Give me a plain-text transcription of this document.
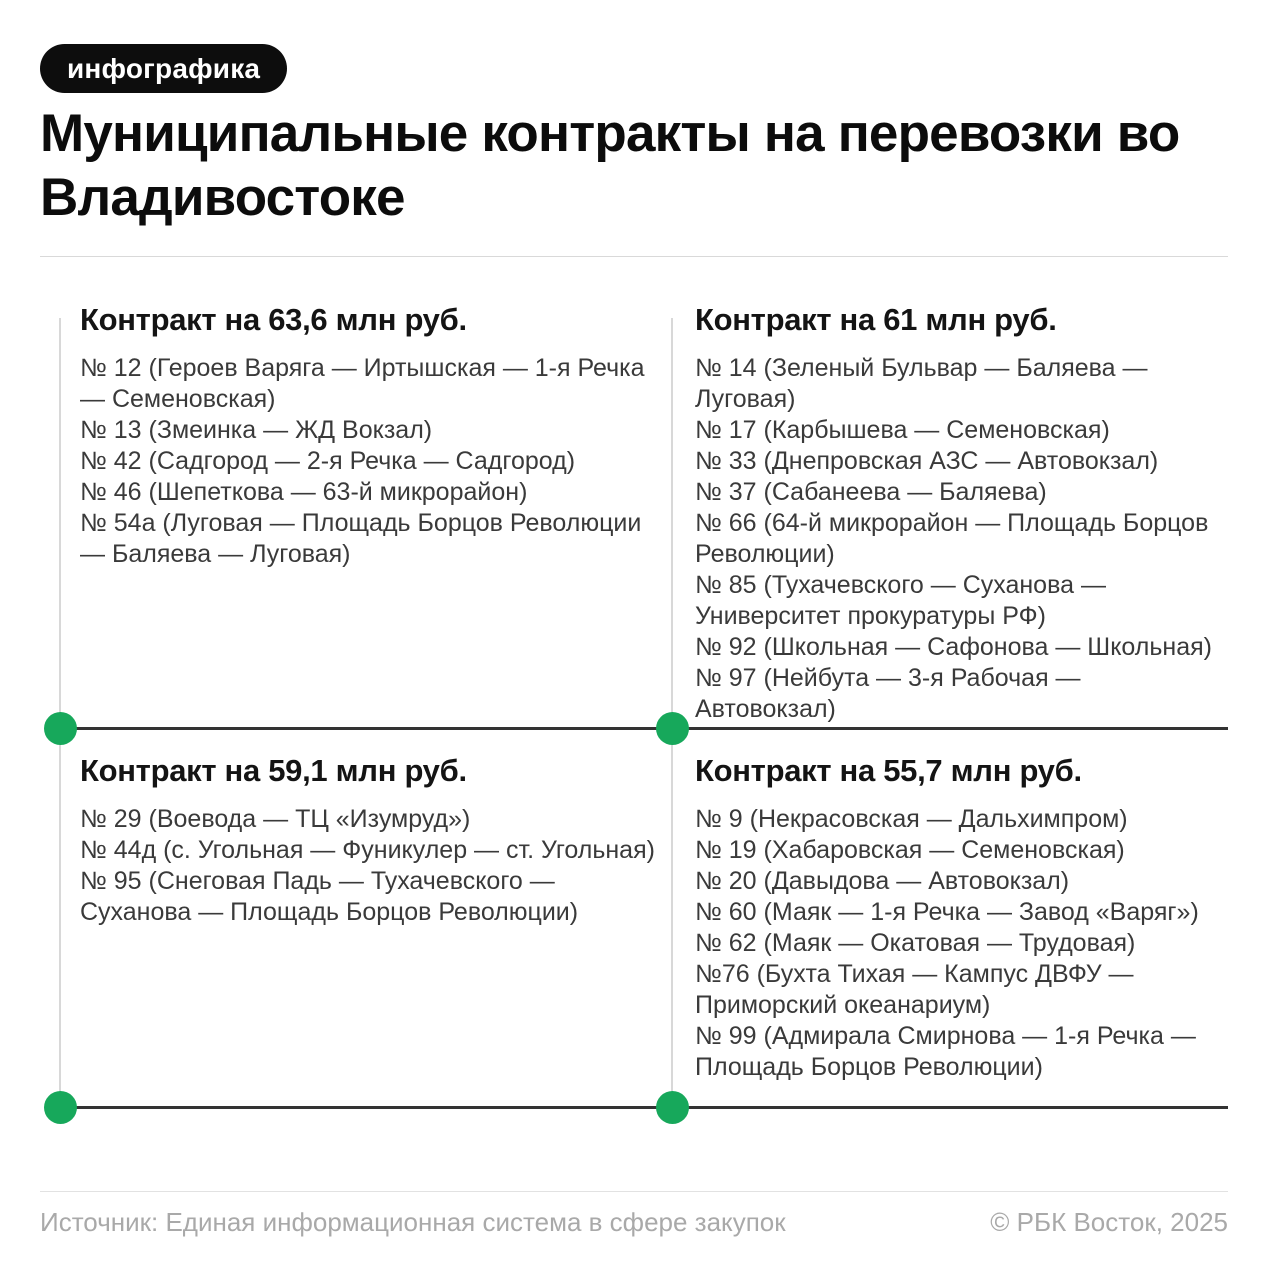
инфографика
Муниципальные контракты на перевозки во Владивостоке
Контракт на 63,6 млн руб.

№ 12 (Героев Варяга — Иртышская — 1-я Речка — Семеновская)

№ 13 (Змеинка — ЖД Вокзал)

№ 42 (Садгород — 2-я Речка — Садгород)

№ 46 (Шепеткова — 63-й микрорайон)

№ 54а (Луговая — Площадь Борцов Революции — Баляева — Луговая)

Контракт на 61 млн руб.

№ 14 (Зеленый Бульвар — Баляева — Луговая)

№ 17 (Карбышева — Семеновская)

№ 33 (Днепровская АЗС — Автовокзал)

№ 37 (Сабанеева — Баляева)

№ 66 (64-й микрорайон — Площадь Борцов Революции)

№ 85 (Тухачевского — Суханова — Университет прокуратуры РФ)

№ 92 (Школьная — Сафонова — Школьная)

№ 97 (Нейбута — 3-я Рабочая — Автовокзал)

Контракт на 59,1 млн руб.

№ 29 (Воевода — ТЦ «Изумруд»)

№ 44д (с. Угольная — Фуникулер — ст. Угольная)

№ 95 (Снеговая Падь — Тухачевского — Суханова — Площадь Борцов Революции)

Контракт на 55,7 млн руб.

№ 9 (Некрасовская — Дальхимпром)

№ 19 (Хабаровская — Семеновская)

№ 20 (Давыдова — Автовокзал)

№ 60 (Маяк — 1-я Речка — Завод «Варяг»)

№ 62 (Маяк — Окатовая — Трудовая)

№76 (Бухта Тихая — Кампус ДВФУ — Приморский океанариум)

№ 99 (Адмирала Смирнова — 1-я Речка — Площадь Борцов Революции)

Источник: Единая информационная система в сфере закупок	© РБК Восток, 2025
